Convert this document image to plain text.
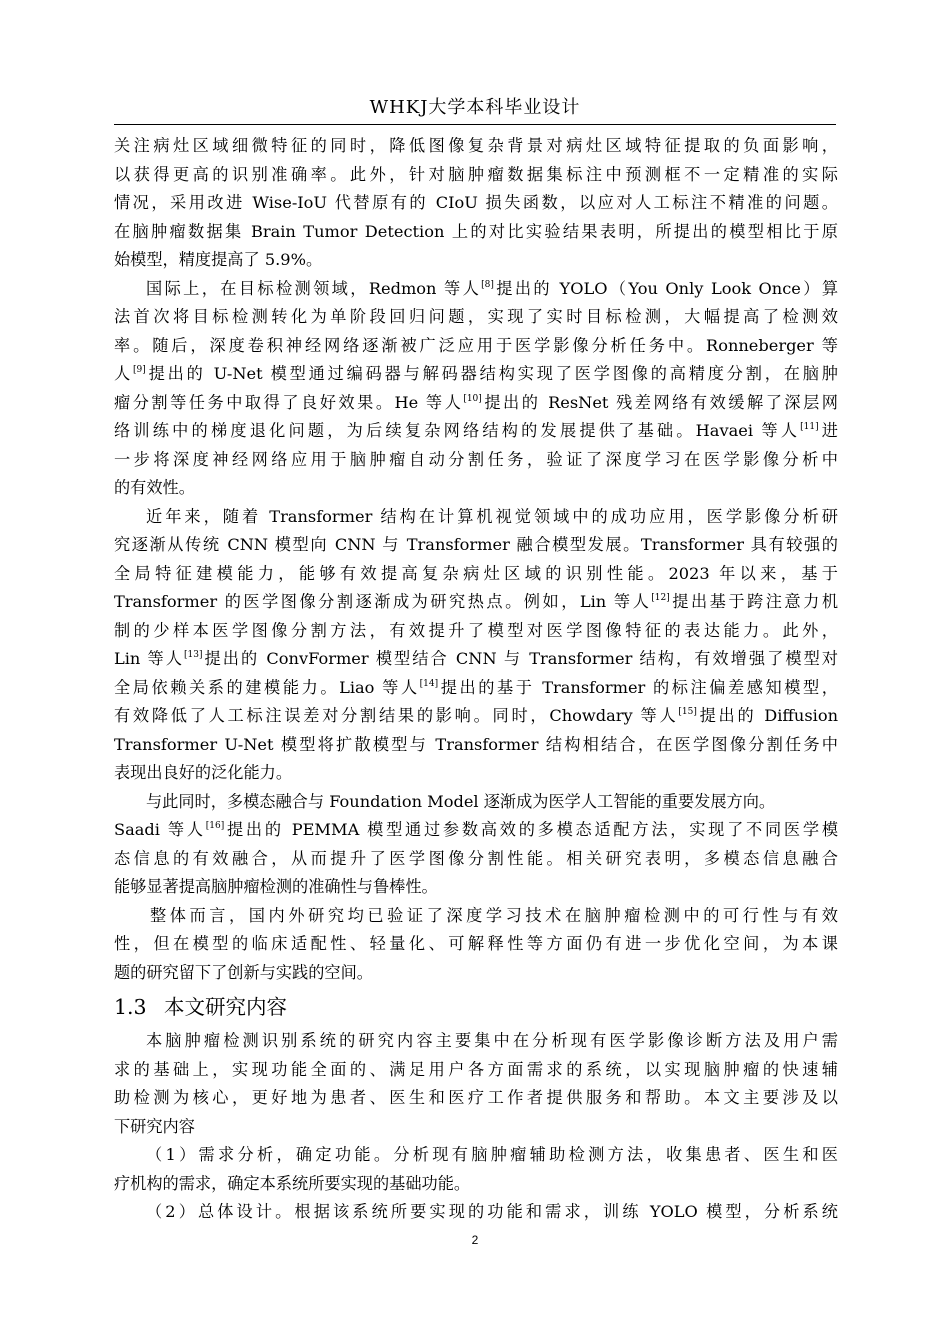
WHKJ大学本科毕业设计
关注病灶区域细微特征的同时，降低图像复杂背景对病灶区域特征提取的负面影响，
以获得更高的识别准确率。此外，针对脑肿瘤数据集标注中预测框不一定精准的实际
情况，采用改进 Wise-IoU 代替原有的 CIoU 损失函数，以应对人工标注不精准的问题。
在脑肿瘤数据集 Brain Tumor Detection 上的对比实验结果表明，所提出的模型相比于原
始模型，精度提高了 5.9%。
国际上，在目标检测领域，Redmon 等人[8]提出的 YOLO（You Only Look Once）算
法首次将目标检测转化为单阶段回归问题，实现了实时目标检测，大幅提高了检测效
率。随后，深度卷积神经网络逐渐被广泛应用于医学影像分析任务中。Ronneberger 等
人[9]提出的 U-Net 模型通过编码器与解码器结构实现了医学图像的高精度分割，在脑肿
瘤分割等任务中取得了良好效果。He 等人[10]提出的 ResNet 残差网络有效缓解了深层网
络训练中的梯度退化问题，为后续复杂网络结构的发展提供了基础。Havaei 等人[11]进
一步将深度神经网络应用于脑肿瘤自动分割任务，验证了深度学习在医学影像分析中
的有效性。
近年来，随着 Transformer 结构在计算机视觉领域中的成功应用，医学影像分析研
究逐渐从传统 CNN 模型向 CNN 与 Transformer 融合模型发展。Transformer 具有较强的
全局特征建模能力，能够有效提高复杂病灶区域的识别性能。2023 年以来，基于
Transformer 的医学图像分割逐渐成为研究热点。例如，Lin 等人[12]提出基于跨注意力机
制的少样本医学图像分割方法，有效提升了模型对医学图像特征的表达能力。此外，
Lin 等人[13]提出的 ConvFormer 模型结合 CNN 与 Transformer 结构，有效增强了模型对
全局依赖关系的建模能力。Liao 等人[14]提出的基于 Transformer 的标注偏差感知模型，
有效降低了人工标注误差对分割结果的影响。同时，Chowdary 等人[15]提出的 Diffusion
Transformer U-Net 模型将扩散模型与 Transformer 结构相结合，在医学图像分割任务中
表现出良好的泛化能力。
与此同时，多模态融合与 Foundation Model 逐渐成为医学人工智能的重要发展方向。
Saadi 等人[16]提出的 PEMMA 模型通过参数高效的多模态适配方法，实现了不同医学模
态信息的有效融合，从而提升了医学图像分割性能。相关研究表明，多模态信息融合
能够显著提高脑肿瘤检测的准确性与鲁棒性。
整体而言，国内外研究均已验证了深度学习技术在脑肿瘤检测中的可行性与有效
性，但在模型的临床适配性、轻量化、可解释性等方面仍有进一步优化空间，为本课
题的研究留下了创新与实践的空间。
1.3 本文研究内容
本脑肿瘤检测识别系统的研究内容主要集中在分析现有医学影像诊断方法及用户需
求的基础上，实现功能全面的、满足用户各方面需求的系统，以实现脑肿瘤的快速辅
助检测为核心，更好地为患者、医生和医疗工作者提供服务和帮助。本文主要涉及以
下研究内容
（1）需求分析，确定功能。分析现有脑肿瘤辅助检测方法，收集患者、医生和医
疗机构的需求，确定本系统所要实现的基础功能。
（2）总体设计。根据该系统所要实现的功能和需求，训练 YOLO 模型，分析系统
2
